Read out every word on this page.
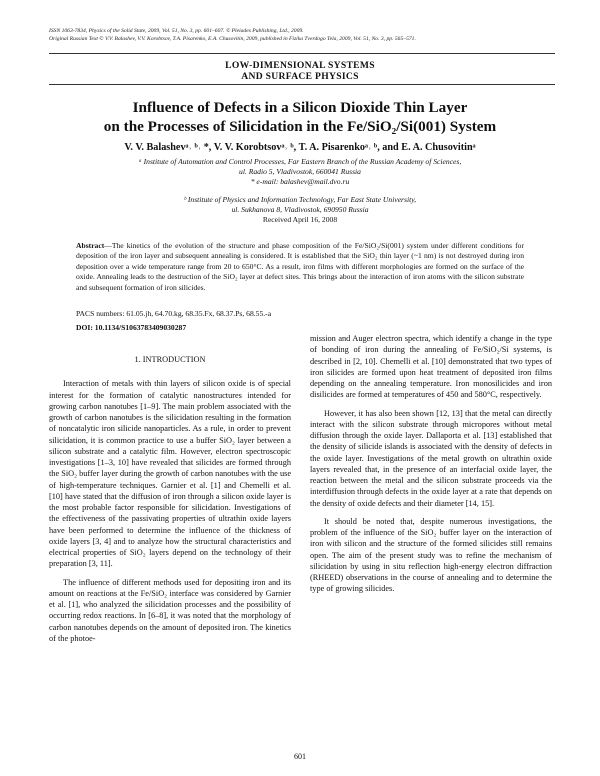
ISSN 1063-7834, Physics of the Solid State, 2009, Vol. 51, No. 3, pp. 601–607. © Pleiades Publishing, Ltd., 2009.
Original Russian Text © V.V. Balashev, V.V. Korobtsov, T.A. Pisarenko, E.A. Chusovitin, 2009, published in Fizika Tverdogo Tela, 2009, Vol. 51, No. 3, pp. 565–571.
LOW-DIMENSIONAL SYSTEMS
AND SURFACE PHYSICS
Influence of Defects in a Silicon Dioxide Thin Layer
on the Processes of Silicidation in the Fe/SiO₂/Si(001) System
V. V. Balashevᵃ˒ ᵇ˒ *, V. V. Korobtsovᵃ˒ ᵇ, T. A. Pisarenkoᵃ˒ ᵇ, and E. A. Chusovitinᵃ
ᵃ Institute of Automation and Control Processes, Far Eastern Branch of the Russian Academy of Sciences,
ul. Radio 5, Vladivostok, 660041 Russia
* e-mail: balashev@mail.dvo.ru
ᵇ Institute of Physics and Information Technology, Far East State University,
ul. Sukhanova 8, Vladivostok, 690950 Russia
Received April 16, 2008

Abstract—The kinetics of the evolution of the structure and phase composition of the Fe/SiO₂/Si(001) system under different conditions for deposition of the iron layer and subsequent annealing is considered. It is established that the SiO₂ thin layer (~1 nm) is not destroyed during iron deposition over a wide temperature range from 20 to 650°C. As a result, iron films with different morphologies are formed on the surface of the oxide. Annealing leads to the destruction of the SiO₂ layer at defect sites. This brings about the interaction of iron atoms with the silicon substrate and subsequent formation of iron silicides.

PACS numbers: 61.05.jh, 64.70.kg, 68.35.Fx, 68.37.Ps, 68.55.-a
DOI: 10.1134/S1063783409030287

1. INTRODUCTION

Interaction of metals with thin layers of silicon oxide is of special interest for the formation of catalytic nanostructures intended for growing carbon nanotubes [1–9]. The main problem associated with the growth of carbon nanotubes is the silicidation resulting in the formation of noncatalytic iron silicide nanoparticles. As a rule, in order to prevent silicidation, it is common practice to use a buffer SiO₂ layer between a silicon substrate and a catalytic film. However, electron spectroscopic investigations [1–3, 10] have revealed that silicides are formed through the SiO₂ buffer layer during the growth of carbon nanotubes with the use of high-temperature techniques. Garnier et al. [1] and Chemelli et al. [10] have stated that the diffusion of iron through a silicon oxide layer is the most probable factor responsible for silicidation. Investigations of the effectiveness of the passivating properties of ultrathin oxide layers have been performed to determine the influence of the thickness of oxide layers [3, 4] and to analyze how the structural characteristics and electrical properties of SiO₂ layers depend on the technology of their preparation [3, 11].

The influence of different methods used for depositing iron and its amount on reactions at the Fe/SiO₂ interface was considered by Garnier et al. [1], who analyzed the silicidation processes and the possibility of occurring redox reactions. In [6–8], it was noted that the morphology of carbon nanotubes depends on the amount of deposited iron. The kinetics of the photoe-

mission and Auger electron spectra, which identify a change in the type of bonding of iron during the annealing of Fe/SiO₂/Si systems, is described in [2, 10]. Chemelli et al. [10] demonstrated that two types of iron silicides are formed upon heat treatment of deposited iron films depending on the annealing temperature. Iron monosilicides and iron disilicides are formed at temperatures of 450 and 580°C, respectively.

However, it has also been shown [12, 13] that the metal can directly interact with the silicon substrate through micropores without metal diffusion through the oxide layer. Dallaporta et al. [13] established that the density of silicide islands is associated with the density of defects in the oxide layer. Investigations of the metal growth on ultrathin oxide layers revealed that, in the presence of an interfacial oxide layer, the reaction between the metal and the silicon substrate proceeds via the interdiffusion through defects in the oxide layer at a rate that depends on the density of oxide defects and their diameter [14, 15].

It should be noted that, despite numerous investigations, the problem of the influence of the SiO₂ buffer layer on the interaction of iron with silicon and the structure of the formed silicides still remains open. The aim of the present study was to refine the mechanism of silicidation by using in situ reflection high-energy electron diffraction (RHEED) observations in the course of annealing and to determine the type of growing silicides.

601
